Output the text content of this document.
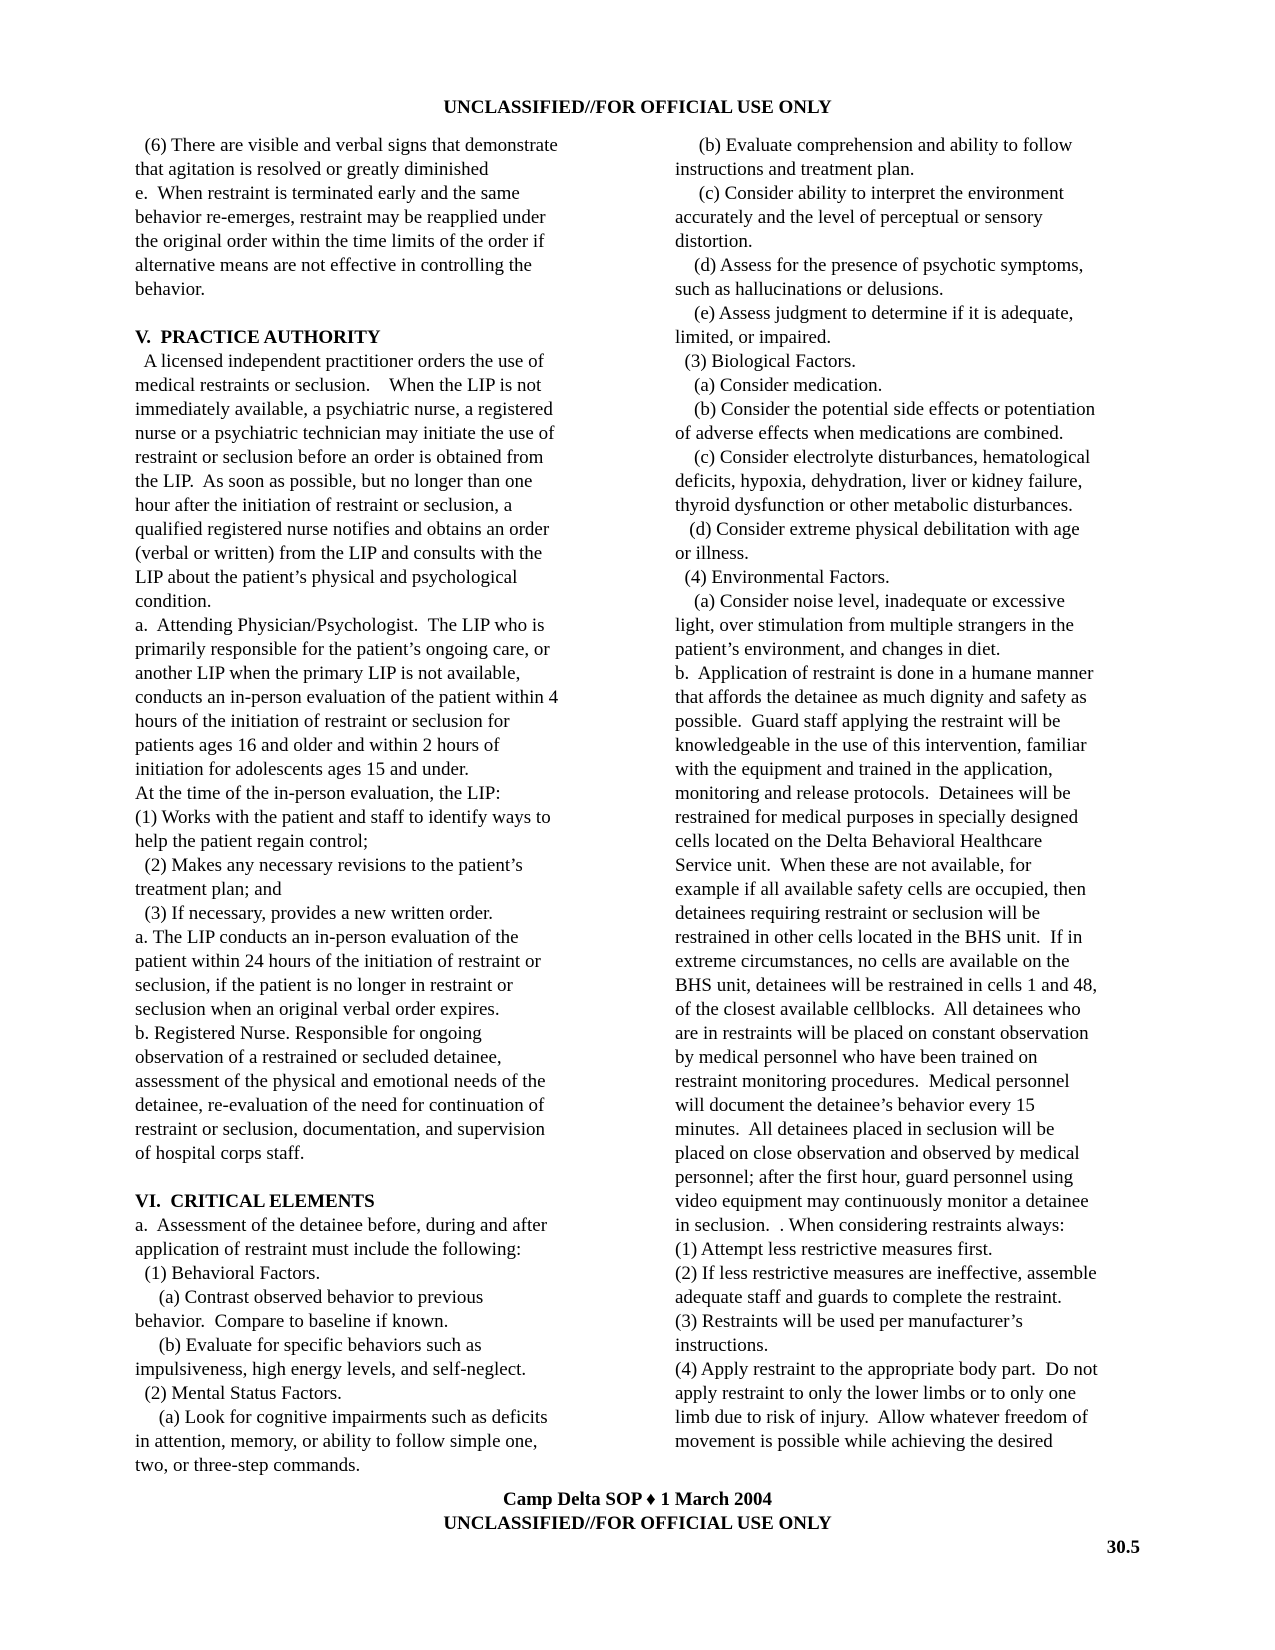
UNCLASSIFIED//FOR OFFICIAL USE ONLY
(6) There are visible and verbal signs that demonstrate
that agitation is resolved or greatly diminished
e.  When restraint is terminated early and the same
behavior re-emerges, restraint may be reapplied under
the original order within the time limits of the order if
alternative means are not effective in controlling the
behavior.
V.  PRACTICE AUTHORITY
A licensed independent practitioner orders the use of
medical restraints or seclusion.    When the LIP is not
immediately available, a psychiatric nurse, a registered
nurse or a psychiatric technician may initiate the use of
restraint or seclusion before an order is obtained from
the LIP.  As soon as possible, but no longer than one
hour after the initiation of restraint or seclusion, a
qualified registered nurse notifies and obtains an order
(verbal or written) from the LIP and consults with the
LIP about the patient’s physical and psychological
condition.
a.  Attending Physician/Psychologist.  The LIP who is
primarily responsible for the patient’s ongoing care, or
another LIP when the primary LIP is not available,
conducts an in-person evaluation of the patient within 4
hours of the initiation of restraint or seclusion for
patients ages 16 and older and within 2 hours of
initiation for adolescents ages 15 and under.
At the time of the in-person evaluation, the LIP:
(1) Works with the patient and staff to identify ways to
help the patient regain control;
(2) Makes any necessary revisions to the patient’s
treatment plan; and
(3) If necessary, provides a new written order.
a. The LIP conducts an in-person evaluation of the
patient within 24 hours of the initiation of restraint or
seclusion, if the patient is no longer in restraint or
seclusion when an original verbal order expires.
b. Registered Nurse. Responsible for ongoing
observation of a restrained or secluded detainee,
assessment of the physical and emotional needs of the
detainee, re-evaluation of the need for continuation of
restraint or seclusion, documentation, and supervision
of hospital corps staff.
VI.  CRITICAL ELEMENTS
a.  Assessment of the detainee before, during and after
application of restraint must include the following:
(1) Behavioral Factors.
(a) Contrast observed behavior to previous
behavior.  Compare to baseline if known.
(b) Evaluate for specific behaviors such as
impulsiveness, high energy levels, and self-neglect.
(2) Mental Status Factors.
(a) Look for cognitive impairments such as deficits
in attention, memory, or ability to follow simple one,
two, or three-step commands.
(b) Evaluate comprehension and ability to follow
instructions and treatment plan.
(c) Consider ability to interpret the environment
accurately and the level of perceptual or sensory
distortion.
(d) Assess for the presence of psychotic symptoms,
such as hallucinations or delusions.
(e) Assess judgment to determine if it is adequate,
limited, or impaired.
(3) Biological Factors.
(a) Consider medication.
(b) Consider the potential side effects or potentiation
of adverse effects when medications are combined.
(c) Consider electrolyte disturbances, hematological
deficits, hypoxia, dehydration, liver or kidney failure,
thyroid dysfunction or other metabolic disturbances.
(d) Consider extreme physical debilitation with age
or illness.
(4) Environmental Factors.
(a) Consider noise level, inadequate or excessive
light, over stimulation from multiple strangers in the
patient’s environment, and changes in diet.
b.  Application of restraint is done in a humane manner
that affords the detainee as much dignity and safety as
possible.  Guard staff applying the restraint will be
knowledgeable in the use of this intervention, familiar
with the equipment and trained in the application,
monitoring and release protocols.  Detainees will be
restrained for medical purposes in specially designed
cells located on the Delta Behavioral Healthcare
Service unit.  When these are not available, for
example if all available safety cells are occupied, then
detainees requiring restraint or seclusion will be
restrained in other cells located in the BHS unit.  If in
extreme circumstances, no cells are available on the
BHS unit, detainees will be restrained in cells 1 and 48,
of the closest available cellblocks.  All detainees who
are in restraints will be placed on constant observation
by medical personnel who have been trained on
restraint monitoring procedures.  Medical personnel
will document the detainee’s behavior every 15
minutes.  All detainees placed in seclusion will be
placed on close observation and observed by medical
personnel; after the first hour, guard personnel using
video equipment may continuously monitor a detainee
in seclusion.  . When considering restraints always:
(1) Attempt less restrictive measures first.
(2) If less restrictive measures are ineffective, assemble
adequate staff and guards to complete the restraint.
(3) Restraints will be used per manufacturer’s
instructions.
(4) Apply restraint to the appropriate body part.  Do not
apply restraint to only the lower limbs or to only one
limb due to risk of injury.  Allow whatever freedom of
movement is possible while achieving the desired
Camp Delta SOP ♦ 1 March 2004
UNCLASSIFIED//FOR OFFICIAL USE ONLY
30.5
